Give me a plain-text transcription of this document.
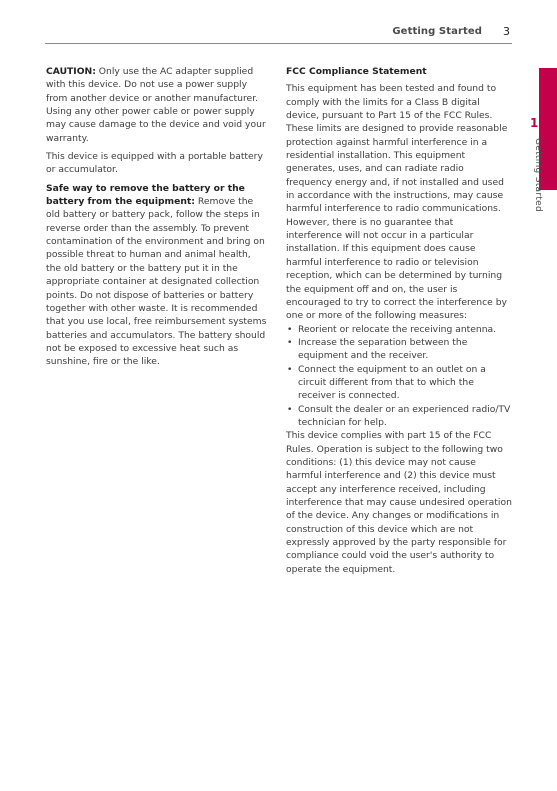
Getting Started 3

CAUTION: Only use the AC adapter supplied with this device. Do not use a power supply from another device or another manufacturer. Using any other power cable or power supply may cause damage to the device and void your warranty.

This device is equipped with a portable battery or accumulator.

Safe way to remove the battery or the battery from the equipment: Remove the old battery or battery pack, follow the steps in reverse order than the assembly. To prevent contamination of the environment and bring on possible threat to human and animal health, the old battery or the battery put it in the appropriate container at designated collection points. Do not dispose of batteries or battery together with other waste. It is recommended that you use local, free reimbursement systems batteries and accumulators. The battery should not be exposed to excessive heat such as sunshine, fire or the like.

FCC Compliance Statement

This equipment has been tested and found to comply with the limits for a Class B digital device, pursuant to Part 15 of the FCC Rules. These limits are designed to provide reasonable protection against harmful interference in a residential installation. This equipment generates, uses, and can radiate radio frequency energy and, if not installed and used in accordance with the instructions, may cause harmful interference to radio communications. However, there is no guarantee that interference will not occur in a particular installation. If this equipment does cause harmful interference to radio or television reception, which can be determined by turning the equipment off and on, the user is encouraged to try to correct the interference by one or more of the following measures:

• Reorient or relocate the receiving antenna.
• Increase the separation between the equipment and the receiver.
• Connect the equipment to an outlet on a circuit different from that to which the receiver is connected.
• Consult the dealer or an experienced radio/TV technician for help.

This device complies with part 15 of the FCC Rules. Operation is subject to the following two conditions: (1) this device may not cause harmful interference and (2) this device must accept any interference received, including interference that may cause undesired operation of the device. Any changes or modifications in construction of this device which are not expressly approved by the party responsible for compliance could void the user's authority to operate the equipment.

1
Getting Started
